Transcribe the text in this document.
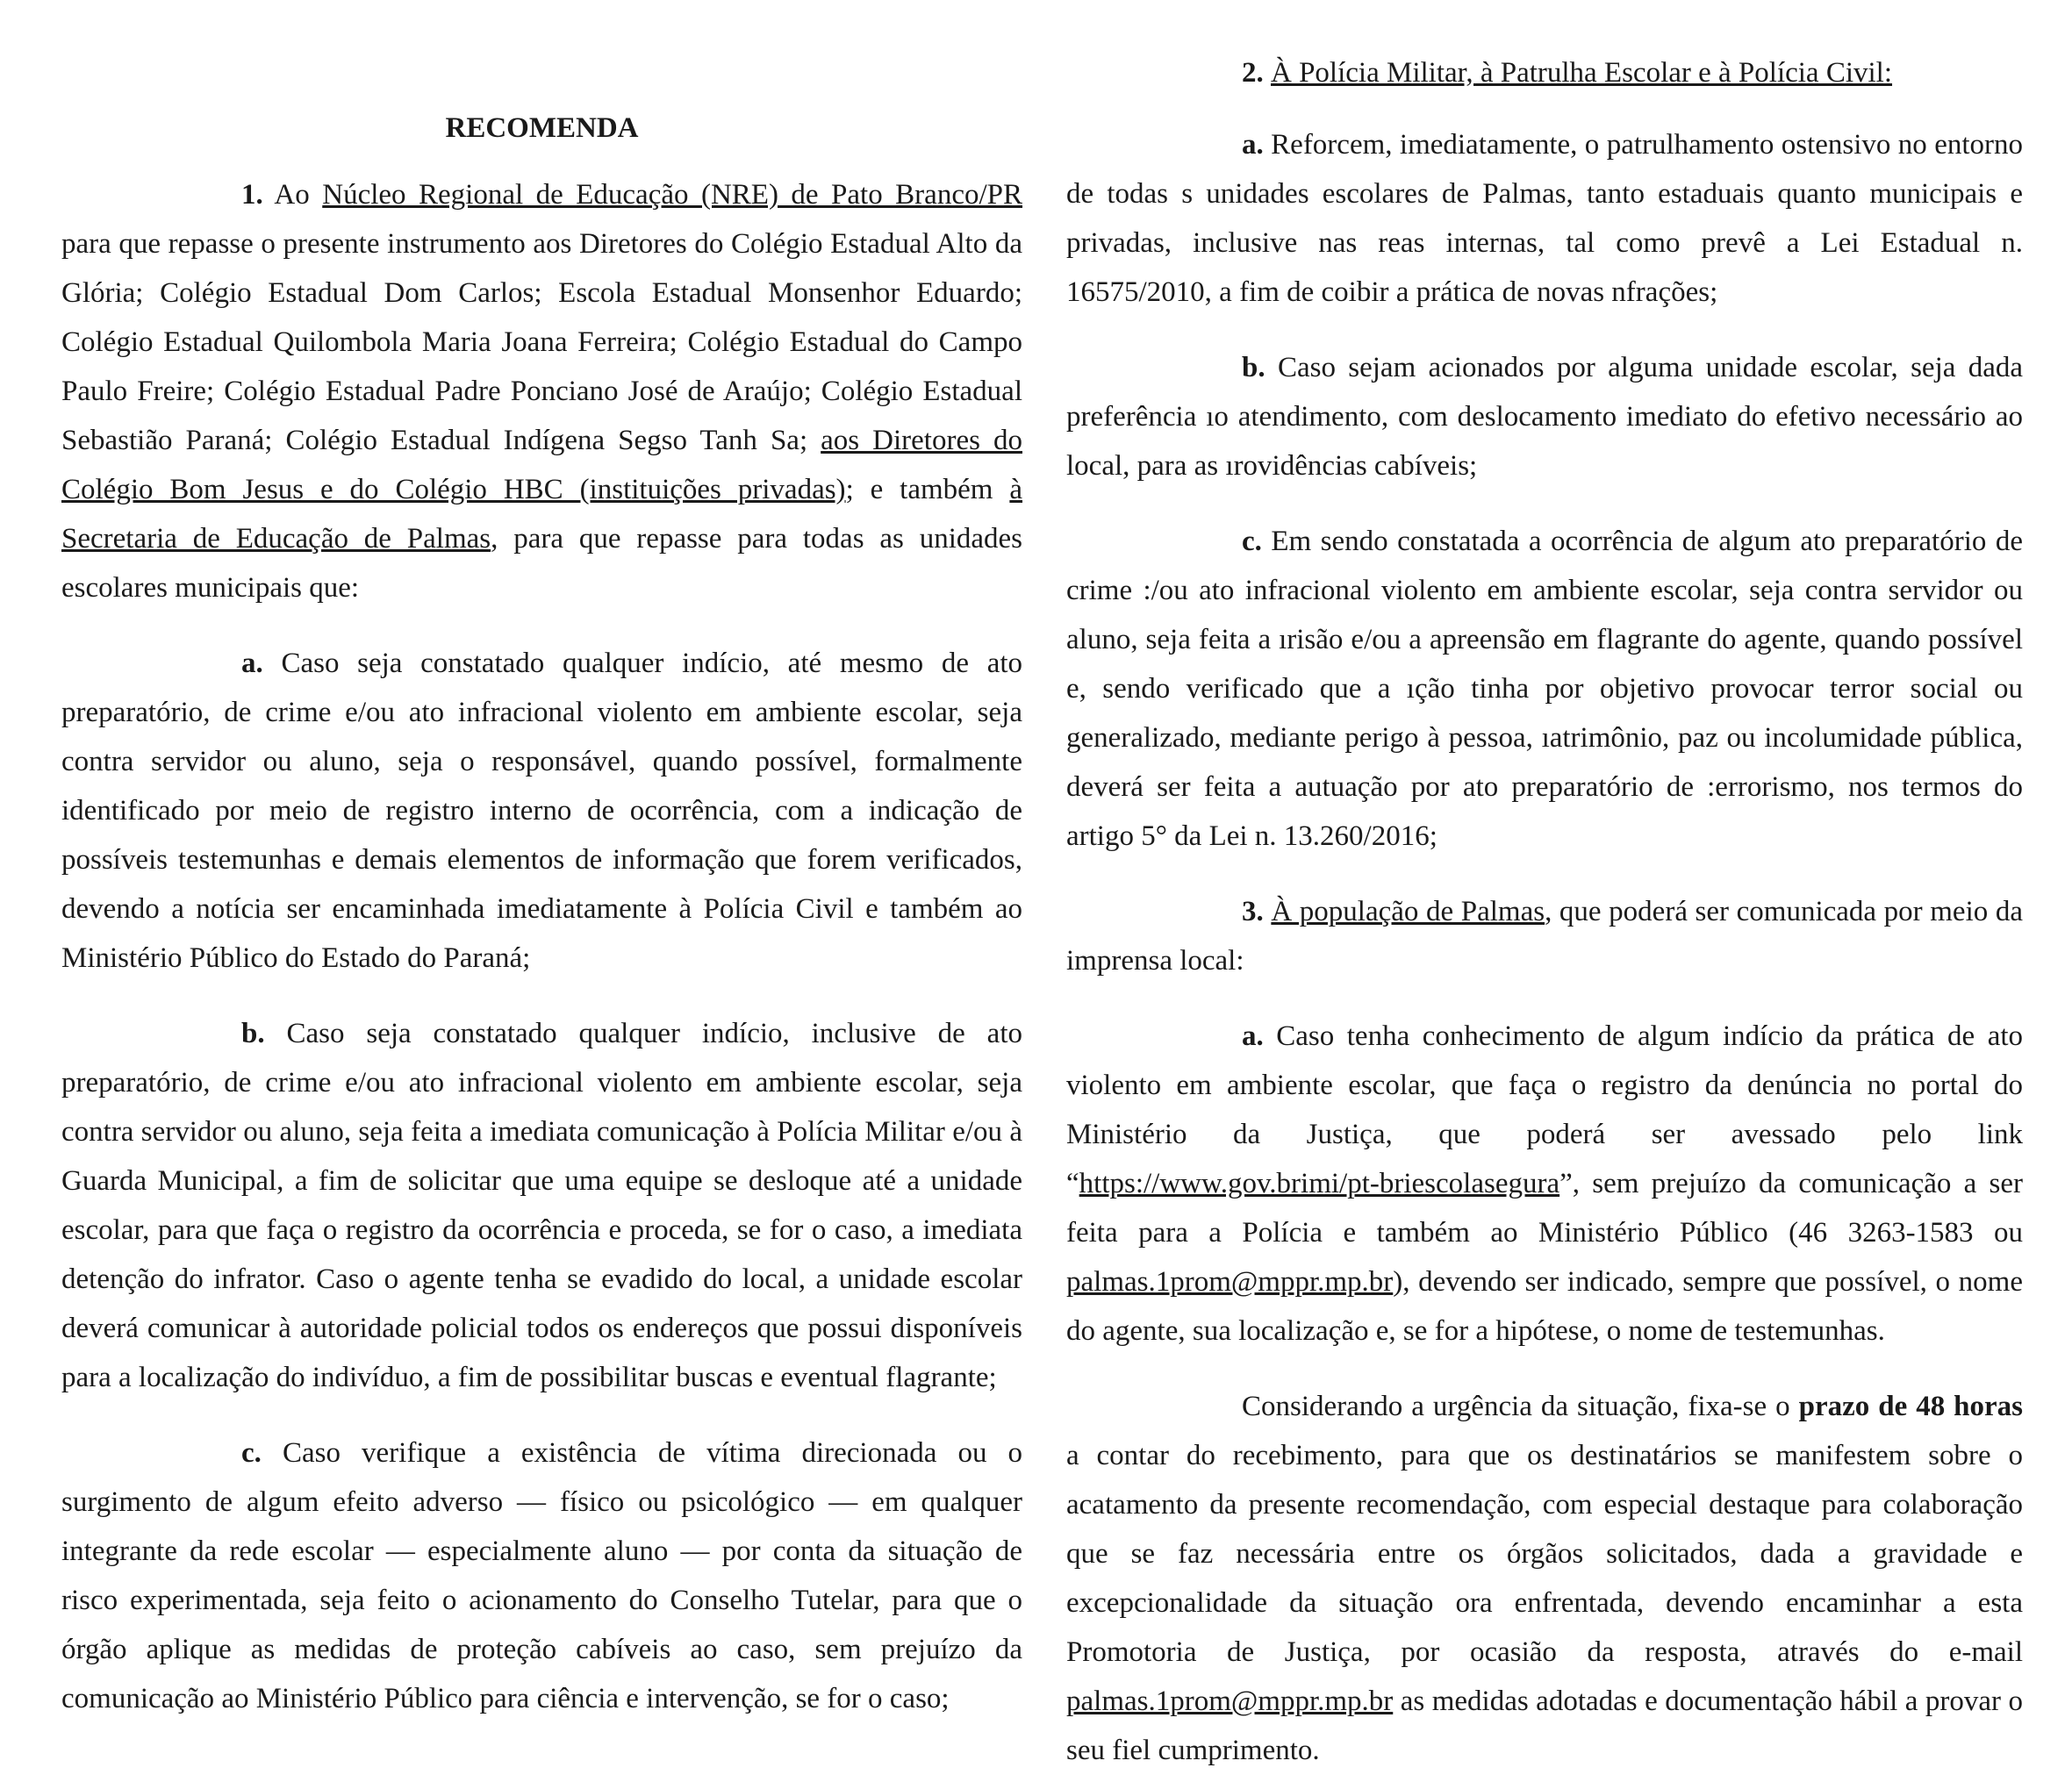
RECOMENDA

1. Ao Núcleo Regional de Educação (NRE) de Pato Branco/PR para que repasse o presente instrumento aos Diretores do Colégio Estadual Alto da Glória; Colégio Estadual Dom Carlos; Escola Estadual Monsenhor Eduardo; Colégio Estadual Quilombola Maria Joana Ferreira; Colégio Estadual do Campo Paulo Freire; Colégio Estadual Padre Ponciano José de Araújo; Colégio Estadual Sebastião Paraná; Colégio Estadual Indígena Segso Tanh Sa; aos Diretores do Colégio Bom Jesus e do Colégio HBC (instituições privadas); e também à Secretaria de Educação de Palmas, para que repasse para todas as unidades escolares municipais que:

a. Caso seja constatado qualquer indício, até mesmo de ato preparatório, de crime e/ou ato infracional violento em ambiente escolar, seja contra servidor ou aluno, seja o responsável, quando possível, formalmente identificado por meio de registro interno de ocorrência, com a indicação de possíveis testemunhas e demais elementos de informação que forem verificados, devendo a notícia ser encaminhada imediatamente à Polícia Civil e também ao Ministério Público do Estado do Paraná;

b. Caso seja constatado qualquer indício, inclusive de ato preparatório, de crime e/ou ato infracional violento em ambiente escolar, seja contra servidor ou aluno, seja feita a imediata comunicação à Polícia Militar e/ou à Guarda Municipal, a fim de solicitar que uma equipe se desloque até a unidade escolar, para que faça o registro da ocorrência e proceda, se for o caso, a imediata detenção do infrator. Caso o agente tenha se evadido do local, a unidade escolar deverá comunicar à autoridade policial todos os endereços que possui disponíveis para a localização do indivíduo, a fim de possibilitar buscas e eventual flagrante;

c. Caso verifique a existência de vítima direcionada ou o surgimento de algum efeito adverso — físico ou psicológico — em qualquer integrante da rede escolar — especialmente aluno — por conta da situação de risco experimentada, seja feito o acionamento do Conselho Tutelar, para que o órgão aplique as medidas de proteção cabíveis ao caso, sem prejuízo da comunicação ao Ministério Público para ciência e intervenção, se for o caso;

2. À Polícia Militar, à Patrulha Escolar e à Polícia Civil:

a. Reforcem, imediatamente, o patrulhamento ostensivo no entorno de todas s unidades escolares de Palmas, tanto estaduais quanto municipais e privadas, inclusive nas reas internas, tal como prevê a Lei Estadual n. 16575/2010, a fim de coibir a prática de novas nfrações;

b. Caso sejam acionados por alguma unidade escolar, seja dada preferência ıo atendimento, com deslocamento imediato do efetivo necessário ao local, para as ırovidências cabíveis;

c. Em sendo constatada a ocorrência de algum ato preparatório de crime :/ou ato infracional violento em ambiente escolar, seja contra servidor ou aluno, seja feita a ırisão e/ou a apreensão em flagrante do agente, quando possível e, sendo verificado que a ıção tinha por objetivo provocar terror social ou generalizado, mediante perigo à pessoa, ıatrimônio, paz ou incolumidade pública, deverá ser feita a autuação por ato preparatório de :errorismo, nos termos do artigo 5° da Lei n. 13.260/2016;

3. À população de Palmas, que poderá ser comunicada por meio da imprensa local:

a. Caso tenha conhecimento de algum indício da prática de ato violento em ambiente escolar, que faça o registro da denúncia no portal do Ministério da Justiça, que poderá ser avessado pelo link “https://www.gov.brimi/pt-briescolasegura”, sem prejuízo da comunicação a ser feita para a Polícia e também ao Ministério Público (46 3263-1583 ou palmas.1prom@mppr.mp.br), devendo ser indicado, sempre que possível, o nome do agente, sua localização e, se for a hipótese, o nome de testemunhas.

Considerando a urgência da situação, fixa-se o prazo de 48 horas a contar do recebimento, para que os destinatários se manifestem sobre o acatamento da presente recomendação, com especial destaque para colaboração que se faz necessária entre os órgãos solicitados, dada a gravidade e excepcionalidade da situação ora enfrentada, devendo encaminhar a esta Promotoria de Justiça, por ocasião da resposta, através do e-mail palmas.1prom@mppr.mp.br as medidas adotadas e documentação hábil a provar o seu fiel cumprimento.
